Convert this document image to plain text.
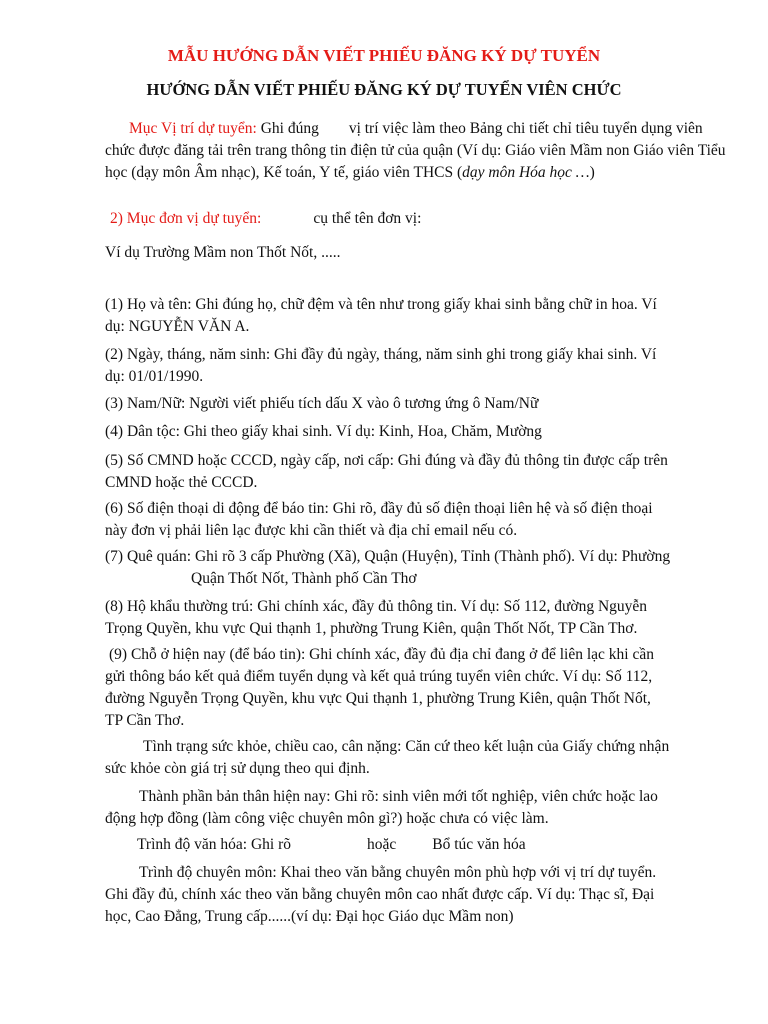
MẪU HƯỚNG DẪN VIẾT PHIẾU ĐĂNG KÝ DỰ TUYỂN
HƯỚNG DẪN VIẾT PHIẾU ĐĂNG KÝ DỰ TUYỂN VIÊN CHỨC
Mục Vị trí dự tuyển: Ghi đúng vị trí việc làm theo Bảng chi tiết chỉ tiêu tuyển dụng viên chức được đăng tải trên trang thông tin điện tử của quận (Ví dụ: Giáo viên Mầm non Giáo viên Tiểu học (dạy môn Âm nhạc), Kế toán, Y tế, giáo viên THCS (dạy môn Hóa học …)
2) Mục đơn vị dự tuyển:	cụ thể tên đơn vị:
Ví dụ Trường Mầm non Thốt Nốt, .....
(1) Họ và tên: Ghi đúng họ, chữ đệm và tên như trong giấy khai sinh bằng chữ in hoa. Ví
dụ: NGUYỄN VĂN A.
(2) Ngày, tháng, năm sinh: Ghi đầy đủ ngày, tháng, năm sinh ghi trong giấy khai sinh. Ví
dụ: 01/01/1990.
(3) Nam/Nữ: Người viết phiếu tích dấu X vào ô tương ứng ô Nam/Nữ
(4) Dân tộc: Ghi theo giấy khai sinh. Ví dụ: Kinh, Hoa, Chăm, Mường
(5) Số CMND hoặc CCCD, ngày cấp, nơi cấp: Ghi đúng và đầy đủ thông tin được cấp trên
CMND hoặc thẻ CCCD.
(6) Số điện thoại di động để báo tin: Ghi rõ, đầy đủ số điện thoại liên hệ và số điện thoại
này đơn vị phải liên lạc được khi cần thiết và địa chỉ email nếu có.
(7) Quê quán: Ghi rõ 3 cấp Phường (Xã), Quận (Huyện), Tỉnh (Thành phố). Ví dụ: Phường
Quận Thốt Nốt, Thành phố Cần Thơ
(8) Hộ khẩu thường trú: Ghi chính xác, đầy đủ thông tin. Ví dụ: Số 112, đường Nguyễn
Trọng Quyền, khu vực Qui thạnh 1, phường Trung Kiên, quận Thốt Nốt, TP Cần Thơ.
(9) Chỗ ở hiện nay (để báo tin): Ghi chính xác, đầy đủ địa chỉ đang ở để liên lạc khi cần
gửi thông báo kết quả điểm tuyển dụng và kết quả trúng tuyển viên chức. Ví dụ: Số 112,
đường Nguyễn Trọng Quyền, khu vực Qui thạnh 1, phường Trung Kiên, quận Thốt Nốt,
TP Cần Thơ.
Tình trạng sức khỏe, chiều cao, cân nặng: Căn cứ theo kết luận của Giấy chứng nhận
sức khỏe còn giá trị sử dụng theo qui định.
Thành phần bản thân hiện nay: Ghi rõ: sinh viên mới tốt nghiệp, viên chức hoặc lao
động hợp đồng (làm công việc chuyên môn gì?) hoặc chưa có việc làm.
Trình độ văn hóa: Ghi rõ	hoặc Bổ túc văn hóa
Trình độ chuyên môn: Khai theo văn bằng chuyên môn phù hợp với vị trí dự tuyển.
Ghi đầy đủ, chính xác theo văn bằng chuyên môn cao nhất được cấp. Ví dụ: Thạc sĩ, Đại
học, Cao Đẳng, Trung cấp......(ví dụ: Đại học Giáo dục Mầm non)
